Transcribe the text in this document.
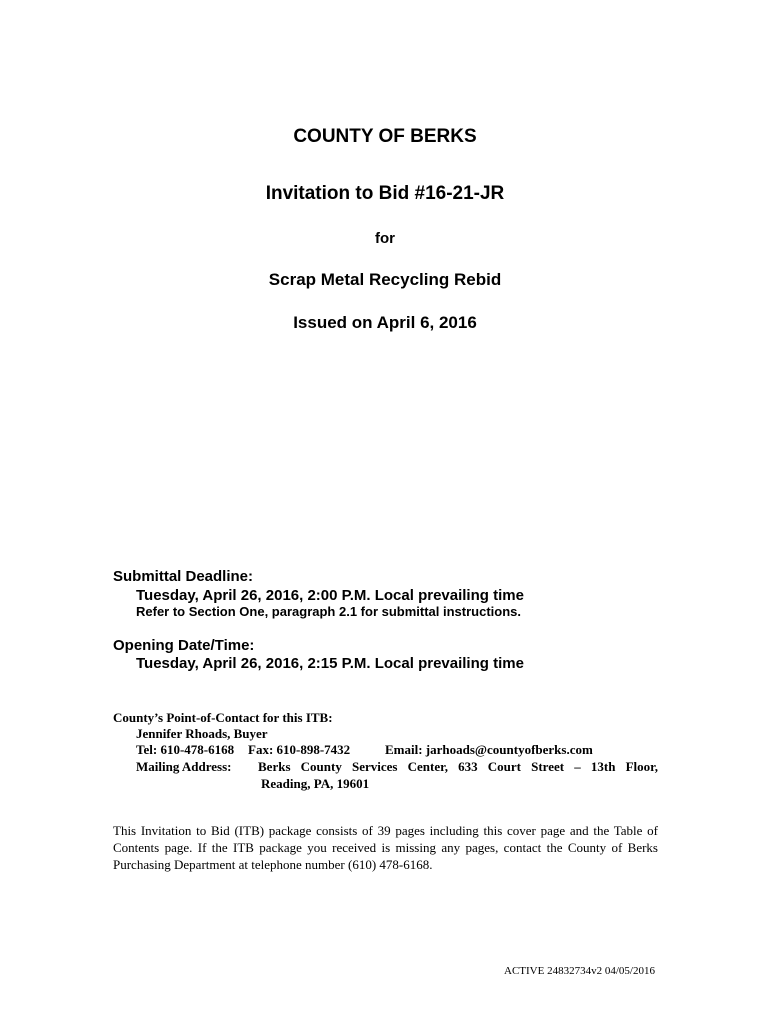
COUNTY OF BERKS
Invitation to Bid #16-21-JR
for
Scrap Metal Recycling Rebid
Issued on April 6, 2016
Submittal Deadline:
Tuesday, April 26, 2016, 2:00 P.M. Local prevailing time
Refer to Section One, paragraph 2.1 for submittal instructions.
Opening Date/Time:
Tuesday, April 26, 2016, 2:15 P.M. Local prevailing time
County’s Point-of-Contact for this ITB:
Jennifer Rhoads, Buyer
Tel: 610-478-6168 Fax: 610-898-7432	Email: jarhoads@countyofberks.com
Mailing Address: Berks County Services Center, 633 Court Street – 13th Floor,
Reading, PA, 19601
This Invitation to Bid (ITB) package consists of 39 pages including this cover page and the Table of Contents page. If the ITB package you received is missing any pages, contact the County of Berks Purchasing Department at telephone number (610) 478-6168.
ACTIVE 24832734v2 04/05/2016
